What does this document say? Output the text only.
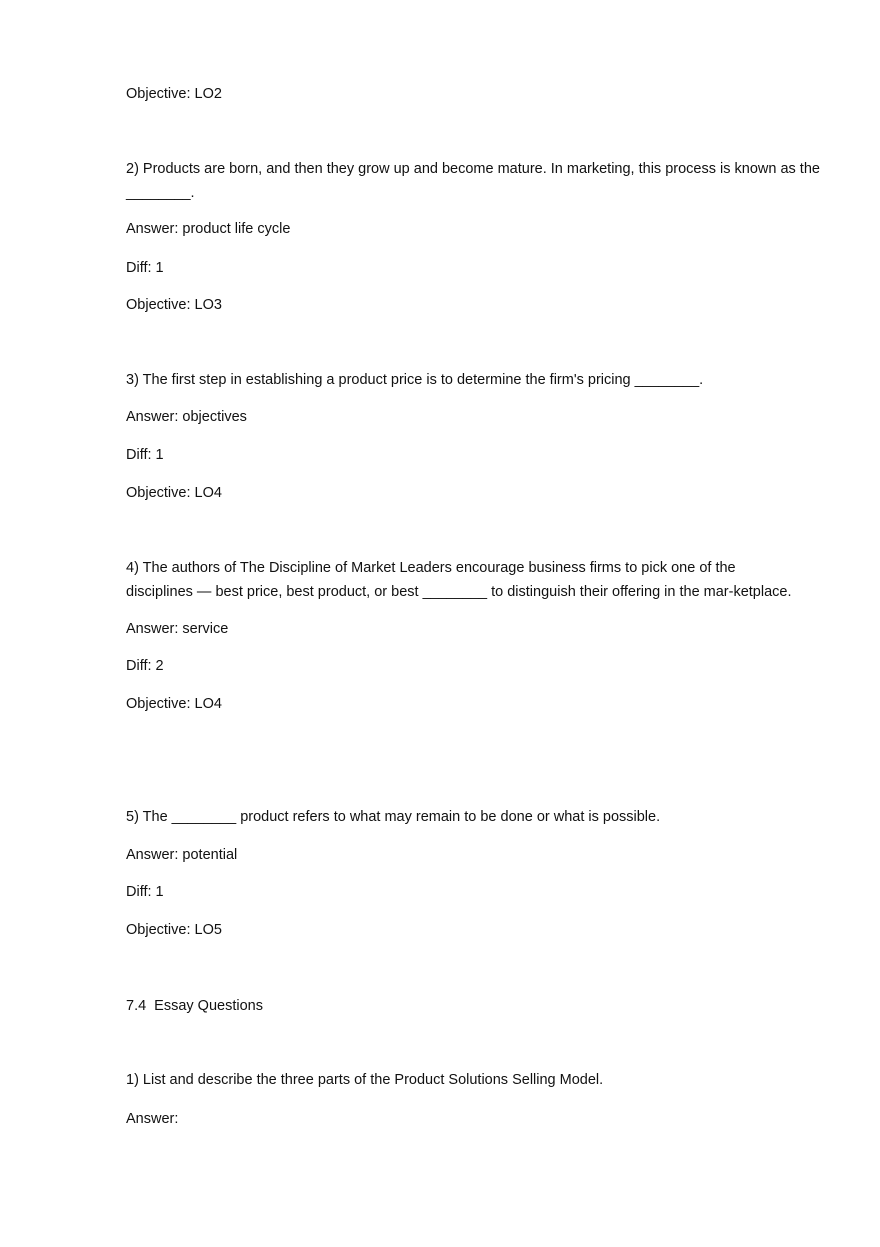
Objective: LO2
2) Products are born, and then they grow up and become mature. In marketing, this process is known as the ________.
Answer: product life cycle
Diff: 1
Objective: LO3
3) The first step in establishing a product price is to determine the firm's pricing ________.
Answer: objectives
Diff: 1
Objective: LO4
4) The authors of The Discipline of Market Leaders encourage business firms to pick one of the
disciplines — best price, best product, or best ________ to distinguish their offering in the mar-ketplace.
Answer: service
Diff: 2
Objective: LO4
5) The ________ product refers to what may remain to be done or what is possible.
Answer: potential
Diff: 1
Objective: LO5
7.4 Essay Questions
1) List and describe the three parts of the Product Solutions Selling Model.
Answer:
